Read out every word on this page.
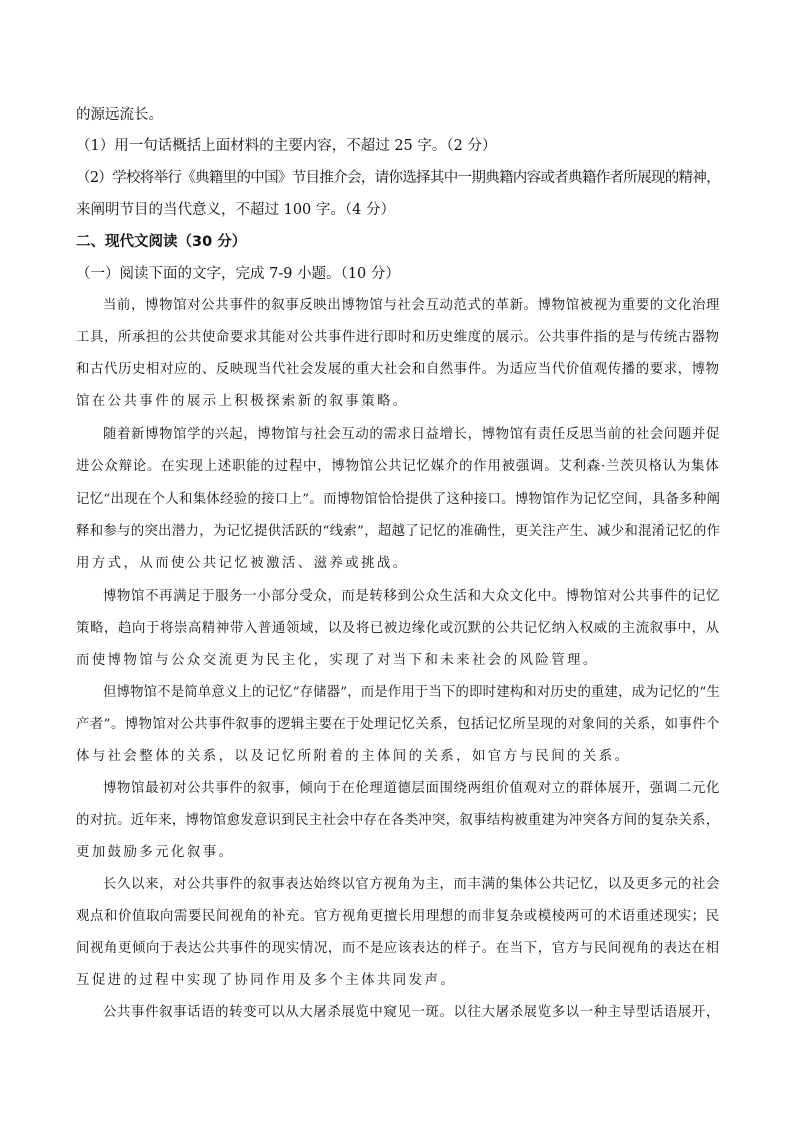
的源远流长。
（1）用一句话概括上面材料的主要内容，不超过 25 字。（2 分）
（2）学校将举行《典籍里的中国》节目推介会，请你选择其中一期典籍内容或者典籍作者所展现的精神，
来阐明节目的当代意义，不超过 100 字。（4 分）
二、现代文阅读（30 分）
（一）阅读下面的文字，完成 7-9 小题。（10 分）
当前，博物馆对公共事件的叙事反映出博物馆与社会互动范式的革新。博物馆被视为重要的文化治理
工具，所承担的公共使命要求其能对公共事件进行即时和历史维度的展示。公共事件指的是与传统古器物
和古代历史相对应的、反映现当代社会发展的重大社会和自然事件。为适应当代价值观传播的要求，博物
馆在公共事件的展示上积极探索新的叙事策略。
随着新博物馆学的兴起，博物馆与社会互动的需求日益增长，博物馆有责任反思当前的社会问题并促
进公众辩论。在实现上述职能的过程中，博物馆公共记忆媒介的作用被强调。艾利森·兰茨贝格认为集体
记忆“出现在个人和集体经验的接口上”。而博物馆恰恰提供了这种接口。博物馆作为记忆空间，具备多种阐
释和参与的突出潜力，为记忆提供活跃的“线索”，超越了记忆的准确性，更关注产生、减少和混淆记忆的作
用方式，从而使公共记忆被激活、滋养或挑战。
博物馆不再满足于服务一小部分受众，而是转移到公众生活和大众文化中。博物馆对公共事件的记忆
策略，趋向于将崇高精神带入普通领域，以及将已被边缘化或沉默的公共记忆纳入权威的主流叙事中，从
而使博物馆与公众交流更为民主化，实现了对当下和未来社会的风险管理。
但博物馆不是简单意义上的记忆“存储器”，而是作用于当下的即时建构和对历史的重建，成为记忆的“生
产者”。博物馆对公共事件叙事的逻辑主要在于处理记忆关系，包括记忆所呈现的对象间的关系，如事件个
体与社会整体的关系，以及记忆所附着的主体间的关系，如官方与民间的关系。
博物馆最初对公共事件的叙事，倾向于在伦理道德层面围绕两组价值观对立的群体展开，强调二元化
的对抗。近年来，博物馆愈发意识到民主社会中存在各类冲突，叙事结构被重建为冲突各方间的复杂关系，
更加鼓励多元化叙事。
长久以来，对公共事件的叙事表达始终以官方视角为主，而丰满的集体公共记忆，以及更多元的社会
观点和价值取向需要民间视角的补充。官方视角更擅长用理想的而非复杂或模棱两可的术语重述现实；民
间视角更倾向于表达公共事件的现实情况，而不是应该表达的样子。在当下，官方与民间视角的表达在相
互促进的过程中实现了协同作用及多个主体共同发声。
公共事件叙事话语的转变可以从大屠杀展览中窥见一斑。以往大屠杀展览多以一种主导型话语展开，
